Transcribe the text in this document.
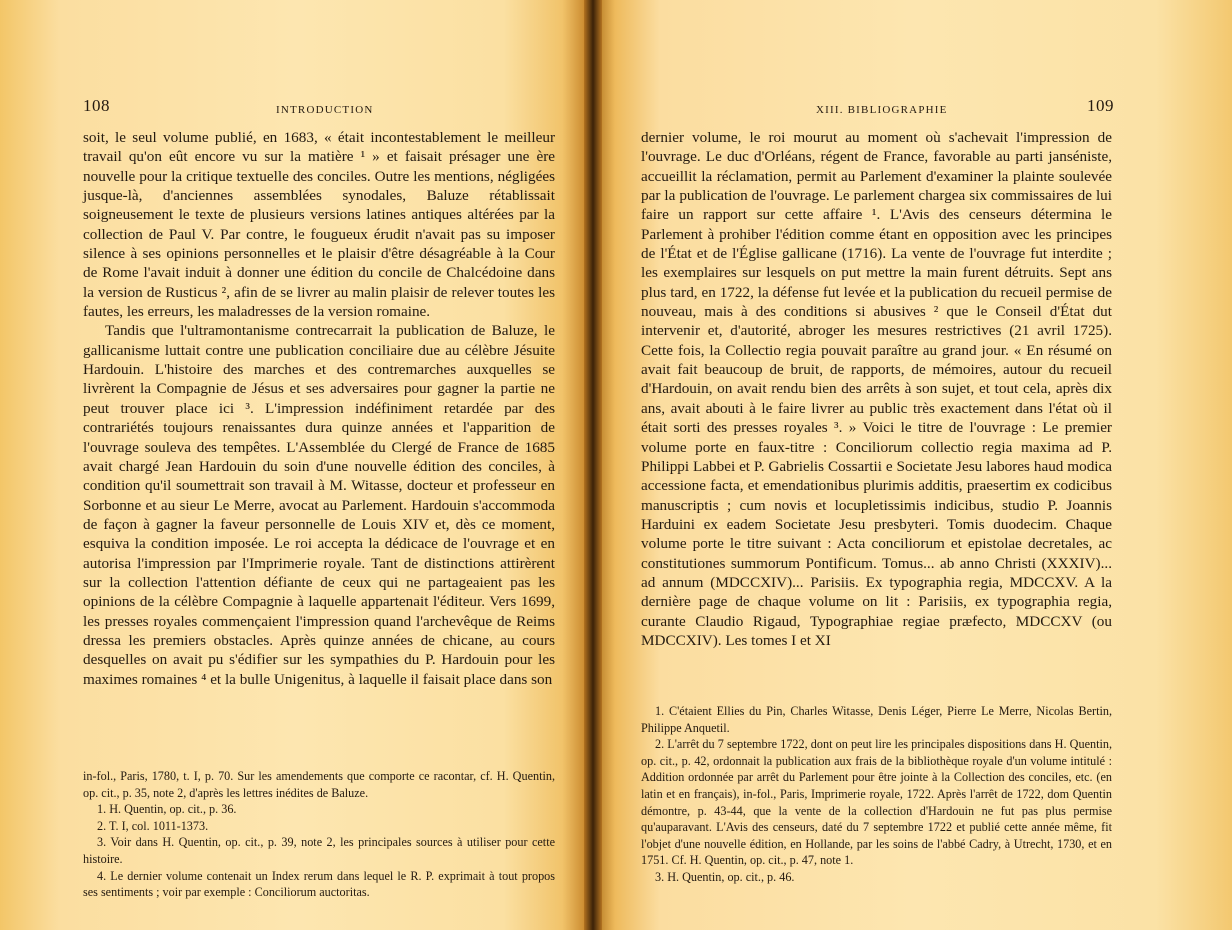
108	INTRODUCTION

soit, le seul volume publié, en 1683, « était incontestablement le meilleur travail qu'on eût encore vu sur la matière ¹ » et faisait présager une ère nouvelle pour la critique textuelle des conciles. Outre les mentions, négligées jusque-là, d'anciennes assemblées synodales, Baluze rétablissait soigneusement le texte de plusieurs versions latines antiques altérées par la collection de Paul V. Par contre, le fougueux érudit n'avait pas su imposer silence à ses opinions personnelles et le plaisir d'être désagréable à la Cour de Rome l'avait induit à donner une édition du concile de Chalcédoine dans la version de Rusticus ², afin de se livrer au malin plaisir de relever toutes les fautes, les erreurs, les maladresses de la version romaine.

Tandis que l'ultramontanisme contrecarrait la publication de Baluze, le gallicanisme luttait contre une publication conciliaire due au célèbre Jésuite Hardouin. L'histoire des marches et des contremarches auxquelles se livrèrent la Compagnie de Jésus et ses adversaires pour gagner la partie ne peut trouver place ici ³. L'impression indéfiniment retardée par des contrariétés toujours renaissantes dura quinze années et l'apparition de l'ouvrage souleva des tempêtes. L'Assemblée du Clergé de France de 1685 avait chargé Jean Hardouin du soin d'une nouvelle édition des conciles, à condition qu'il soumettrait son travail à M. Witasse, docteur et professeur en Sorbonne et au sieur Le Merre, avocat au Parlement. Hardouin s'accommoda de façon à gagner la faveur personnelle de Louis XIV et, dès ce moment, esquiva la condition imposée. Le roi accepta la dédicace de l'ouvrage et en autorisa l'impression par l'Imprimerie royale. Tant de distinctions attirèrent sur la collection l'attention défiante de ceux qui ne partageaient pas les opinions de la célèbre Compagnie à laquelle appartenait l'éditeur. Vers 1699, les presses royales commençaient l'impression quand l'archevêque de Reims dressa les premiers obstacles. Après quinze années de chicane, au cours desquelles on avait pu s'édifier sur les sympathies du P. Hardouin pour les maximes romaines ⁴ et la bulle Unigenitus, à laquelle il faisait place dans son

in-fol., Paris, 1780, t. I, p. 70. Sur les amendements que comporte ce racontar, cf. H. Quentin, op. cit., p. 35, note 2, d'après les lettres inédites de Baluze.

1. H. Quentin, op. cit., p. 36.

2. T. I, col. 1011-1373.

3. Voir dans H. Quentin, op. cit., p. 39, note 2, les principales sources à utiliser pour cette histoire.

4. Le dernier volume contenait un Index rerum dans lequel le R. P. exprimait à tout propos ses sentiments ; voir par exemple : Conciliorum auctoritas.

XIII. BIBLIOGRAPHIE	109

dernier volume, le roi mourut au moment où s'achevait l'impression de l'ouvrage. Le duc d'Orléans, régent de France, favorable au parti janséniste, accueillit la réclamation, permit au Parlement d'examiner la plainte soulevée par la publication de l'ouvrage. Le parlement chargea six commissaires de lui faire un rapport sur cette affaire ¹. L'Avis des censeurs détermina le Parlement à prohiber l'édition comme étant en opposition avec les principes de l'État et de l'Église gallicane (1716). La vente de l'ouvrage fut interdite ; les exemplaires sur lesquels on put mettre la main furent détruits. Sept ans plus tard, en 1722, la défense fut levée et la publication du recueil permise de nouveau, mais à des conditions si abusives ² que le Conseil d'État dut intervenir et, d'autorité, abroger les mesures restrictives (21 avril 1725). Cette fois, la Collectio regia pouvait paraître au grand jour. « En résumé on avait fait beaucoup de bruit, de rapports, de mémoires, autour du recueil d'Hardouin, on avait rendu bien des arrêts à son sujet, et tout cela, après dix ans, avait abouti à le faire livrer au public très exactement dans l'état où il était sorti des presses royales ³. » Voici le titre de l'ouvrage : Le premier volume porte en faux-titre : Conciliorum collectio regia maxima ad P. Philippi Labbei et P. Gabrielis Cossartii e Societate Jesu labores haud modica accessione facta, et emendationibus plurimis additis, praesertim ex codicibus manuscriptis ; cum novis et locupletissimis indicibus, studio P. Joannis Harduini ex eadem Societate Jesu presbyteri. Tomis duodecim. Chaque volume porte le titre suivant : Acta conciliorum et epistolae decretales, ac constitutiones summorum Pontificum. Tomus... ab anno Christi (XXXIV)... ad annum (MDCCXIV)... Parisiis. Ex typographia regia, MDCCXV. A la dernière page de chaque volume on lit : Parisiis, ex typographia regia, curante Claudio Rigaud, Typographiae regiae præfecto, MDCCXV (ou MDCCXIV). Les tomes I et XI

1. C'étaient Ellies du Pin, Charles Witasse, Denis Léger, Pierre Le Merre, Nicolas Bertin, Philippe Anquetil.

2. L'arrêt du 7 septembre 1722, dont on peut lire les principales dispositions dans H. Quentin, op. cit., p. 42, ordonnait la publication aux frais de la bibliothèque royale d'un volume intitulé : Addition ordonnée par arrêt du Parlement pour être jointe à la Collection des conciles, etc. (en latin et en français), in-fol., Paris, Imprimerie royale, 1722. Après l'arrêt de 1722, dom Quentin démontre, p. 43-44, que la vente de la collection d'Hardouin ne fut pas plus permise qu'auparavant. L'Avis des censeurs, daté du 7 septembre 1722 et publié cette année même, fit l'objet d'une nouvelle édition, en Hollande, par les soins de l'abbé Cadry, à Utrecht, 1730, et en 1751. Cf. H. Quentin, op. cit., p. 47, note 1.

3. H. Quentin, op. cit., p. 46.
